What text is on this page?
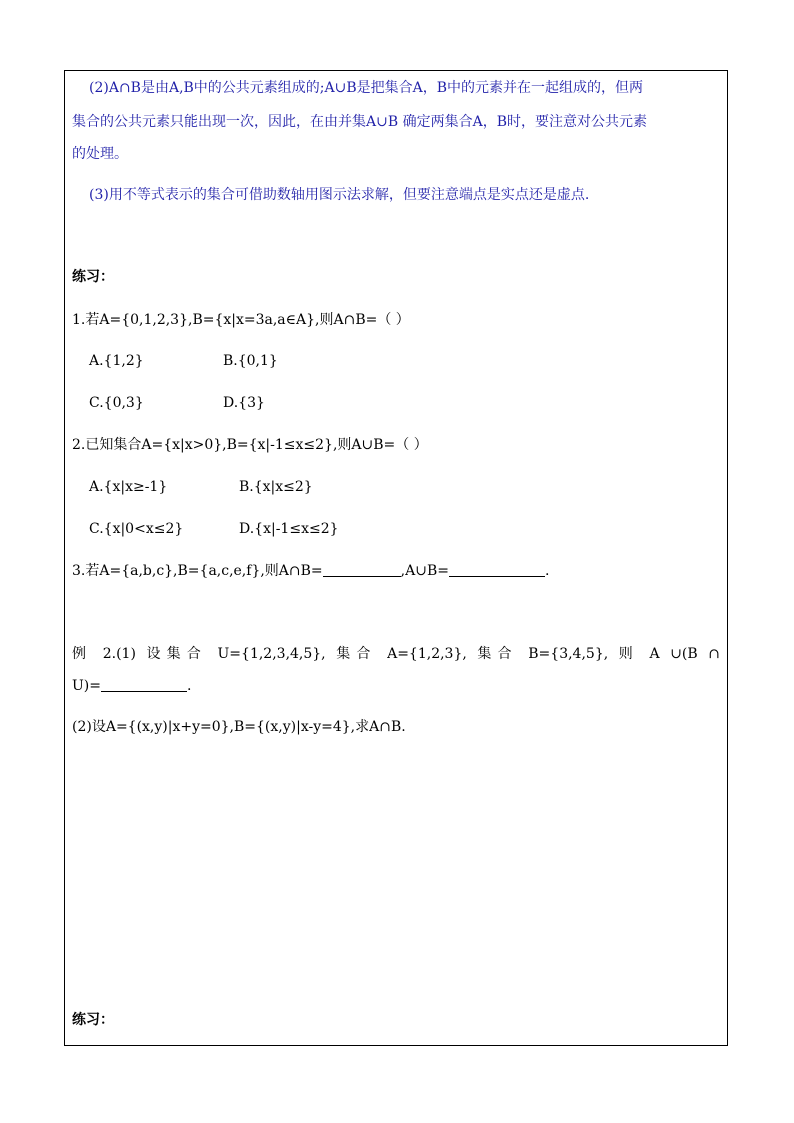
(2)A∩B是由A,B中的公共元素组成的;A∪B是把集合A，B中的元素并在一起组成的，但两
集合的公共元素只能出现一次，因此，在由并集A∪B 确定两集合A，B时，要注意对公共元素
的处理。
(3)用不等式表示的集合可借助数轴用图示法求解，但要注意端点是实点还是虚点.
练习：
1.若A={0,1,2,3},B={x|x=3a,a∈A},则A∩B=（ ）
A.{1,2}	B.{0,1}
C.{0,3}	D.{3}
2.已知集合A={x|x>0},B={x|-1≤x≤2},则A∪B=（ ）
A.{x|x≥-1}	B.{x|x≤2}
C.{x|0<x≤2}	D.{x|-1≤x≤2}
3.若A={a,b,c},B={a,c,e,f},则A∩B=	,A∪B=	.
例 2.(1) 设集合 U={1,2,3,4,5}, 集合 A={1,2,3}, 集合 B={3,4,5}, 则 A ∪(B ∩
U)=	.
(2)设A={(x,y)|x+y=0},B={(x,y)|x-y=4},求A∩B.
练习：
